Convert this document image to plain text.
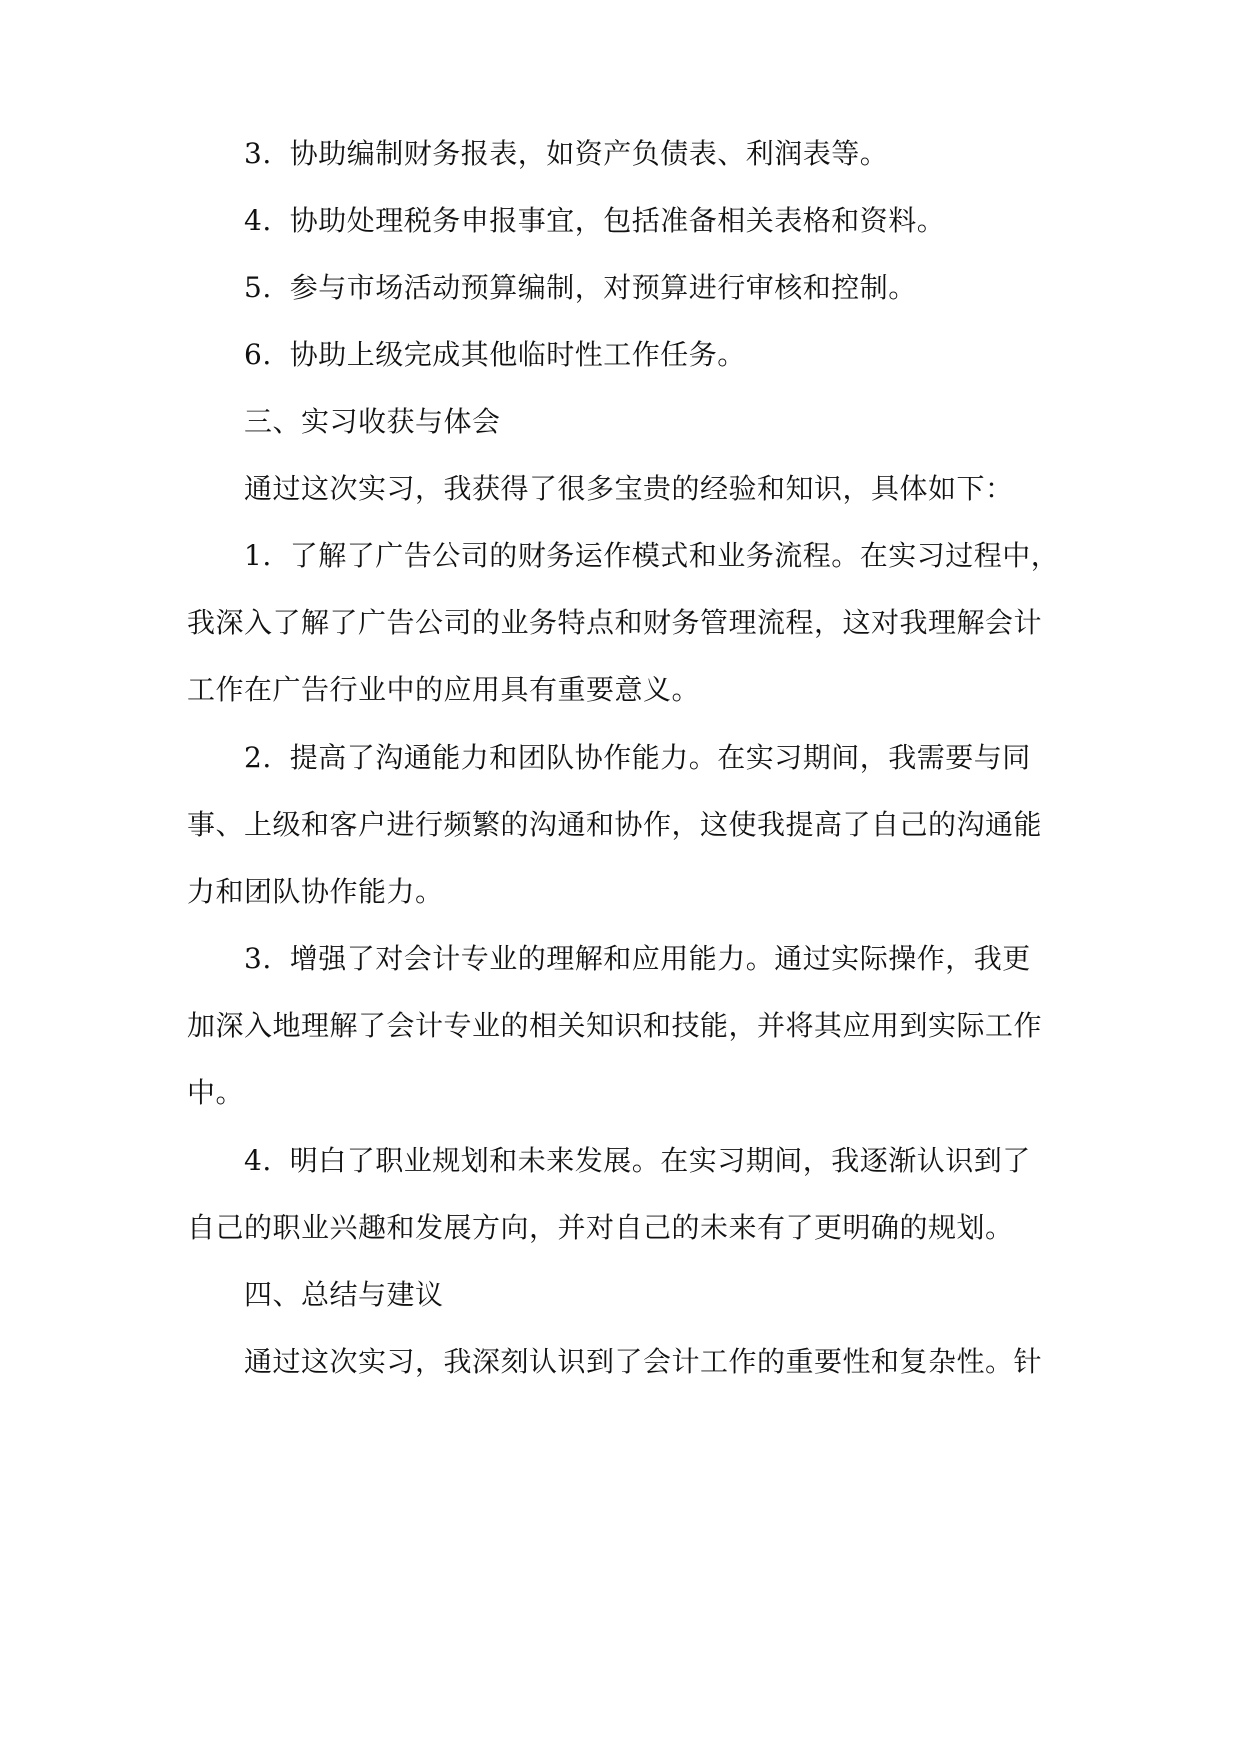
3. 协助编制财务报表，如资产负债表、利润表等。
4. 协助处理税务申报事宜，包括准备相关表格和资料。
5. 参与市场活动预算编制，对预算进行审核和控制。
6. 协助上级完成其他临时性工作任务。
三、实习收获与体会
通过这次实习，我获得了很多宝贵的经验和知识，具体如下：
1. 了解了广告公司的财务运作模式和业务流程。在实习过程中，
我深入了解了广告公司的业务特点和财务管理流程，这对我理解会计
工作在广告行业中的应用具有重要意义。
2. 提高了沟通能力和团队协作能力。在实习期间，我需要与同
事、上级和客户进行频繁的沟通和协作，这使我提高了自己的沟通能
力和团队协作能力。
3. 增强了对会计专业的理解和应用能力。通过实际操作，我更
加深入地理解了会计专业的相关知识和技能，并将其应用到实际工作
中。
4. 明白了职业规划和未来发展。在实习期间，我逐渐认识到了
自己的职业兴趣和发展方向，并对自己的未来有了更明确的规划。
四、总结与建议
通过这次实习，我深刻认识到了会计工作的重要性和复杂性。针
